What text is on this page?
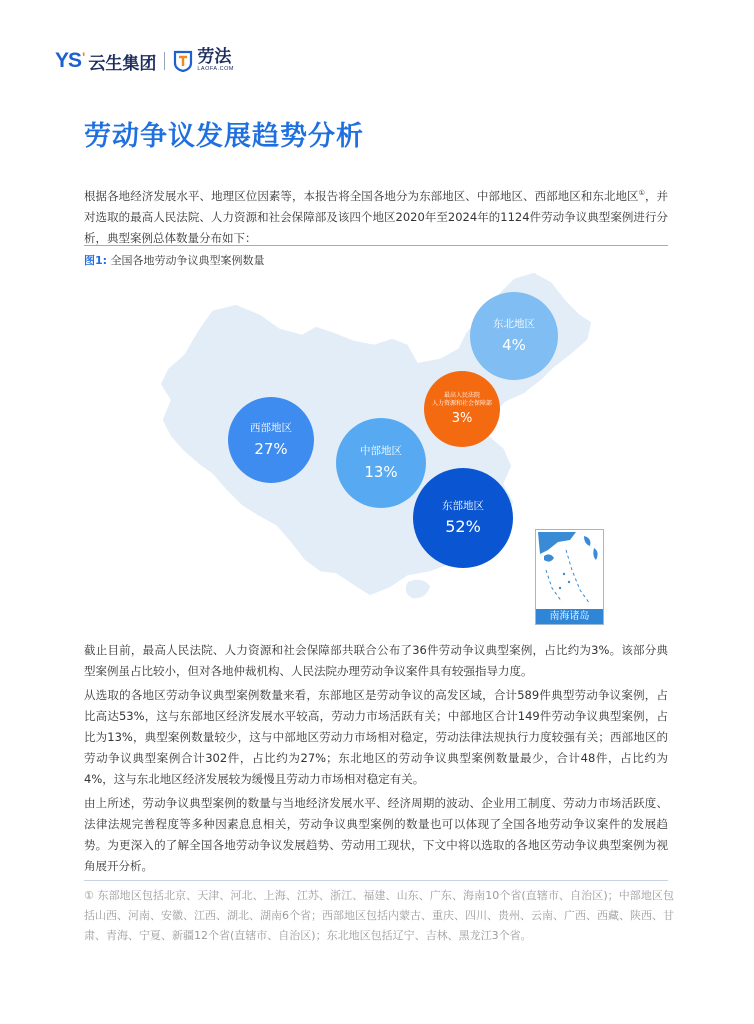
YS' 云生集团 劳法
LAOFA.COM
劳动争议发展趋势分析
根据各地经济发展水平、地理区位因素等，本报告将全国各地分为东部地区、中部地区、西部地区和东北地区①，并对选取的最高人民法院、人力资源和社会保障部及该四个地区2020年至2024年的1124件劳动争议典型案例进行分析，典型案例总体数量分布如下：
图1: 全国各地劳动争议典型案例数量
东北地区
4%
最高人民法院
人力资源和社会保障部
3%
西部地区
27%	中部地区
13%
东部地区
52%
南海诸岛
截止目前，最高人民法院、人力资源和社会保障部共联合公布了36件劳动争议典型案例，占比约为3%。该部分典型案例虽占比较小，但对各地仲裁机构、人民法院办理劳动争议案件具有较强指导力度。
从选取的各地区劳动争议典型案例数量来看，东部地区是劳动争议的高发区域，合计589件典型劳动争议案例，占比高达53%，这与东部地区经济发展水平较高，劳动力市场活跃有关；中部地区合计149件劳动争议典型案例，占比为13%，典型案例数量较少，这与中部地区劳动力市场相对稳定，劳动法律法规执行力度较强有关；西部地区的劳动争议典型案例合计302件，占比约为27%；东北地区的劳动争议典型案例数量最少，合计48件，占比约为4%，这与东北地区经济发展较为缓慢且劳动力市场相对稳定有关。
由上所述，劳动争议典型案例的数量与当地经济发展水平、经济周期的波动、企业用工制度、劳动力市场活跃度、法律法规完善程度等多种因素息息相关，劳动争议典型案例的数量也可以体现了全国各地劳动争议案件的发展趋势。为更深入的了解全国各地劳动争议发展趋势、劳动用工现状，下文中将以选取的各地区劳动争议典型案例为视角展开分析。
① 东部地区包括北京、天津、河北、上海、江苏、浙江、福建、山东、广东、海南10个省(直辖市、自治区)；中部地区包括山西、河南、安徽、江西、湖北、湖南6个省；西部地区包括内蒙古、重庆、四川、贵州、云南、广西、西藏、陕西、甘肃、青海、宁夏、新疆12个省(直辖市、自治区)；东北地区包括辽宁、吉林、黑龙江3个省。
